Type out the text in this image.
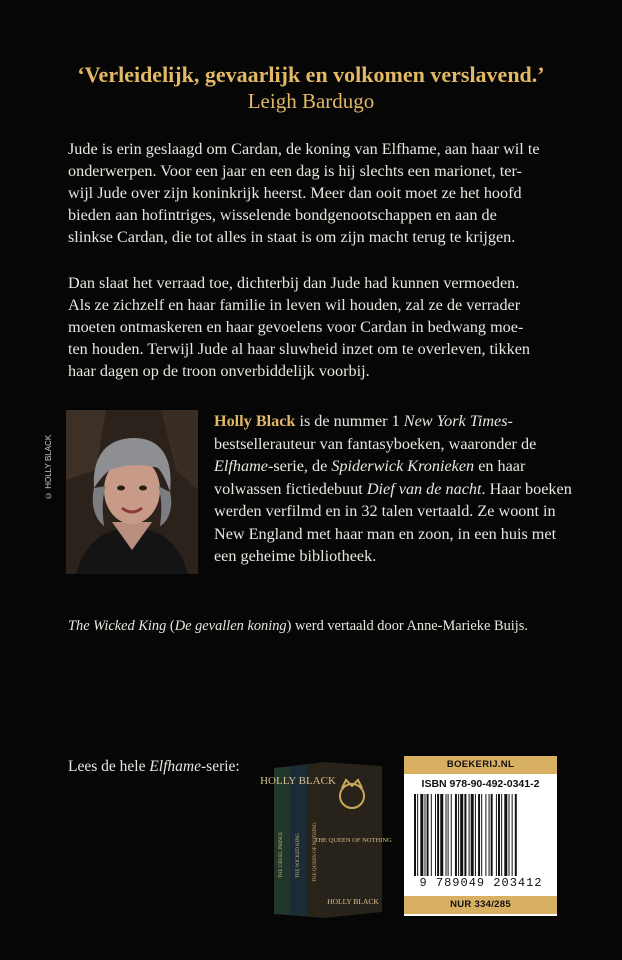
‘Verleidelijk, gevaarlijk en volkomen verslavend.’
Leigh Bardugo

Jude is erin geslaagd om Cardan, de koning van Elfhame, aan haar wil te

onderwerpen. Voor een jaar en een dag is hij slechts een marionet, ter-

wijl Jude over zijn koninkrijk heerst. Meer dan ooit moet ze het hoofd

bieden aan hofintriges, wisselende bondgenootschappen en aan de

slinkse Cardan, die tot alles in staat is om zijn macht terug te krijgen.

Dan slaat het verraad toe, dichterbij dan Jude had kunnen vermoeden.

Als ze zichzelf en haar familie in leven wil houden, zal ze de verrader

moeten ontmaskeren en haar gevoelens voor Cardan in bedwang moe-

ten houden. Terwijl Jude al haar sluwheid inzet om te overleven, tikken

haar dagen op de troon onverbiddelijk voorbij.

© HOLLY BLACK
Holly Black is de nummer 1 New York Times-bestsellerauteur van fantasyboeken, waaronder de Elfhame-serie, de Spiderwick Kronieken en haar volwassen fictiedebuut Dief van de nacht. Haar boeken werden verfilmd en in 32 talen vertaald. Ze woont in New England met haar man en zoon, in een huis met een geheime bibliotheek.
The Wicked King (De gevallen koning) werd vertaald door Anne-Marieke Buijs.
Lees de hele Elfhame-serie:
HOLLY BLACK
THE CRUEL PRINCE THE WICKED KING THE QUEEN OF NOTHING
THE QUEEN OF NOTHING
HOLLY BLACK
BOEKERIJ.NL
ISBN 978-90-492-0341-2
9 789049 203412
NUR 334/285
